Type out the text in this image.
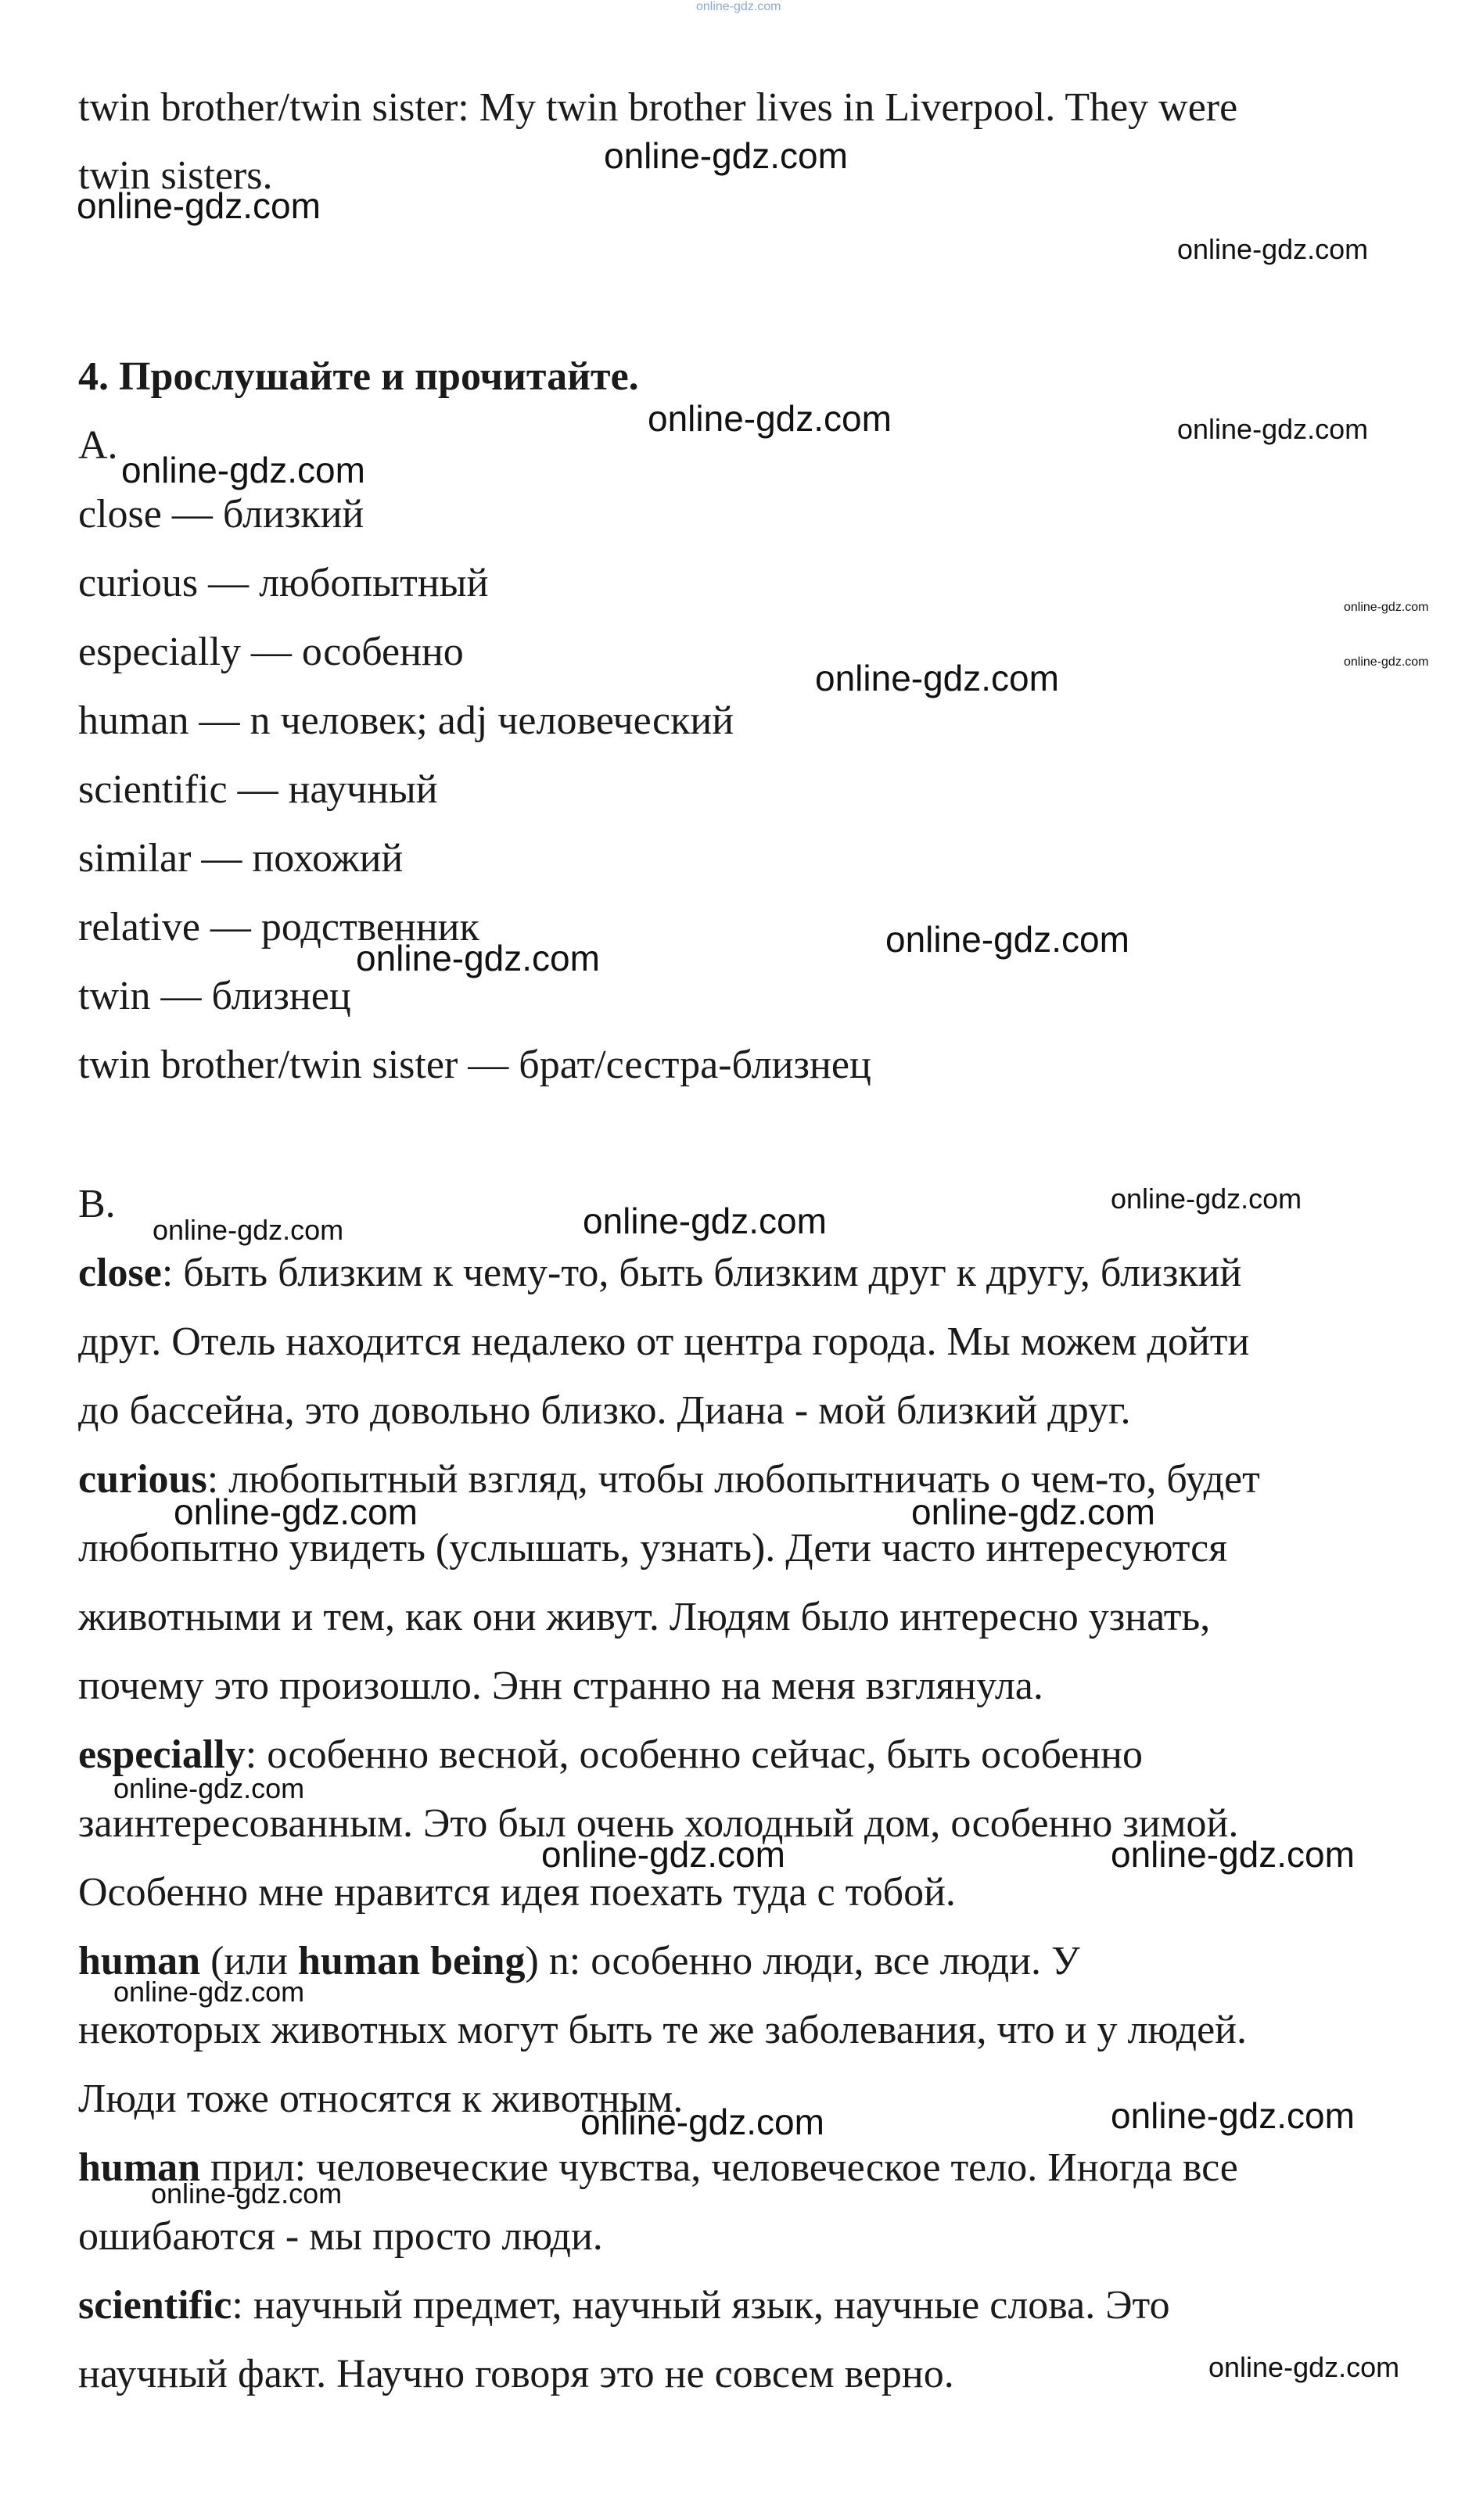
online-gdz.com
twin brother/twin sister: My twin brother lives in Liverpool. They were
twin sisters.
4. Прослушайте и прочитайте.
A.
close — близкий
curious — любопытный
especially — особенно
human — n человек; adj человеческий
scientific — научный
similar — похожий
relative — родственник
twin — близнец
twin brother/twin sister — брат/сестра-близнец
B.
close: быть близким к чему-то, быть близким друг к другу, близкий
друг. Отель находится недалеко от центра города. Мы можем дойти
до бассейна, это довольно близко. Диана - мой близкий друг.
curious: любопытный взгляд, чтобы любопытничать о чем-то, будет
любопытно увидеть (услышать, узнать). Дети часто интересуются
животными и тем, как они живут. Людям было интересно узнать,
почему это произошло. Энн странно на меня взглянула.
especially: особенно весной, особенно сейчас, быть особенно
заинтересованным. Это был очень холодный дом, особенно зимой.
Особенно мне нравится идея поехать туда с тобой.
human (или human being) n: особенно люди, все люди. У
некоторых животных могут быть те же заболевания, что и у людей.
Люди тоже относятся к животным.
human прил: человеческие чувства, человеческое тело. Иногда все
ошибаются - мы просто люди.
scientific: научный предмет, научный язык, научные слова. Это
научный факт. Научно говоря это не совсем верно.
online-gdz.com
online-gdz.com
online-gdz.com
online-gdz.com	online-gdz.com
online-gdz.com
online-gdz.com
online-gdz.com
online-gdz.com
online-gdz.com
online-gdz.com
online-gdz.com
online-gdz.com	online-gdz.com
online-gdz.com	online-gdz.com
online-gdz.com
online-gdz.com	online-gdz.com
online-gdz.com
online-gdz.com	online-gdz.com
online-gdz.com
online-gdz.com
